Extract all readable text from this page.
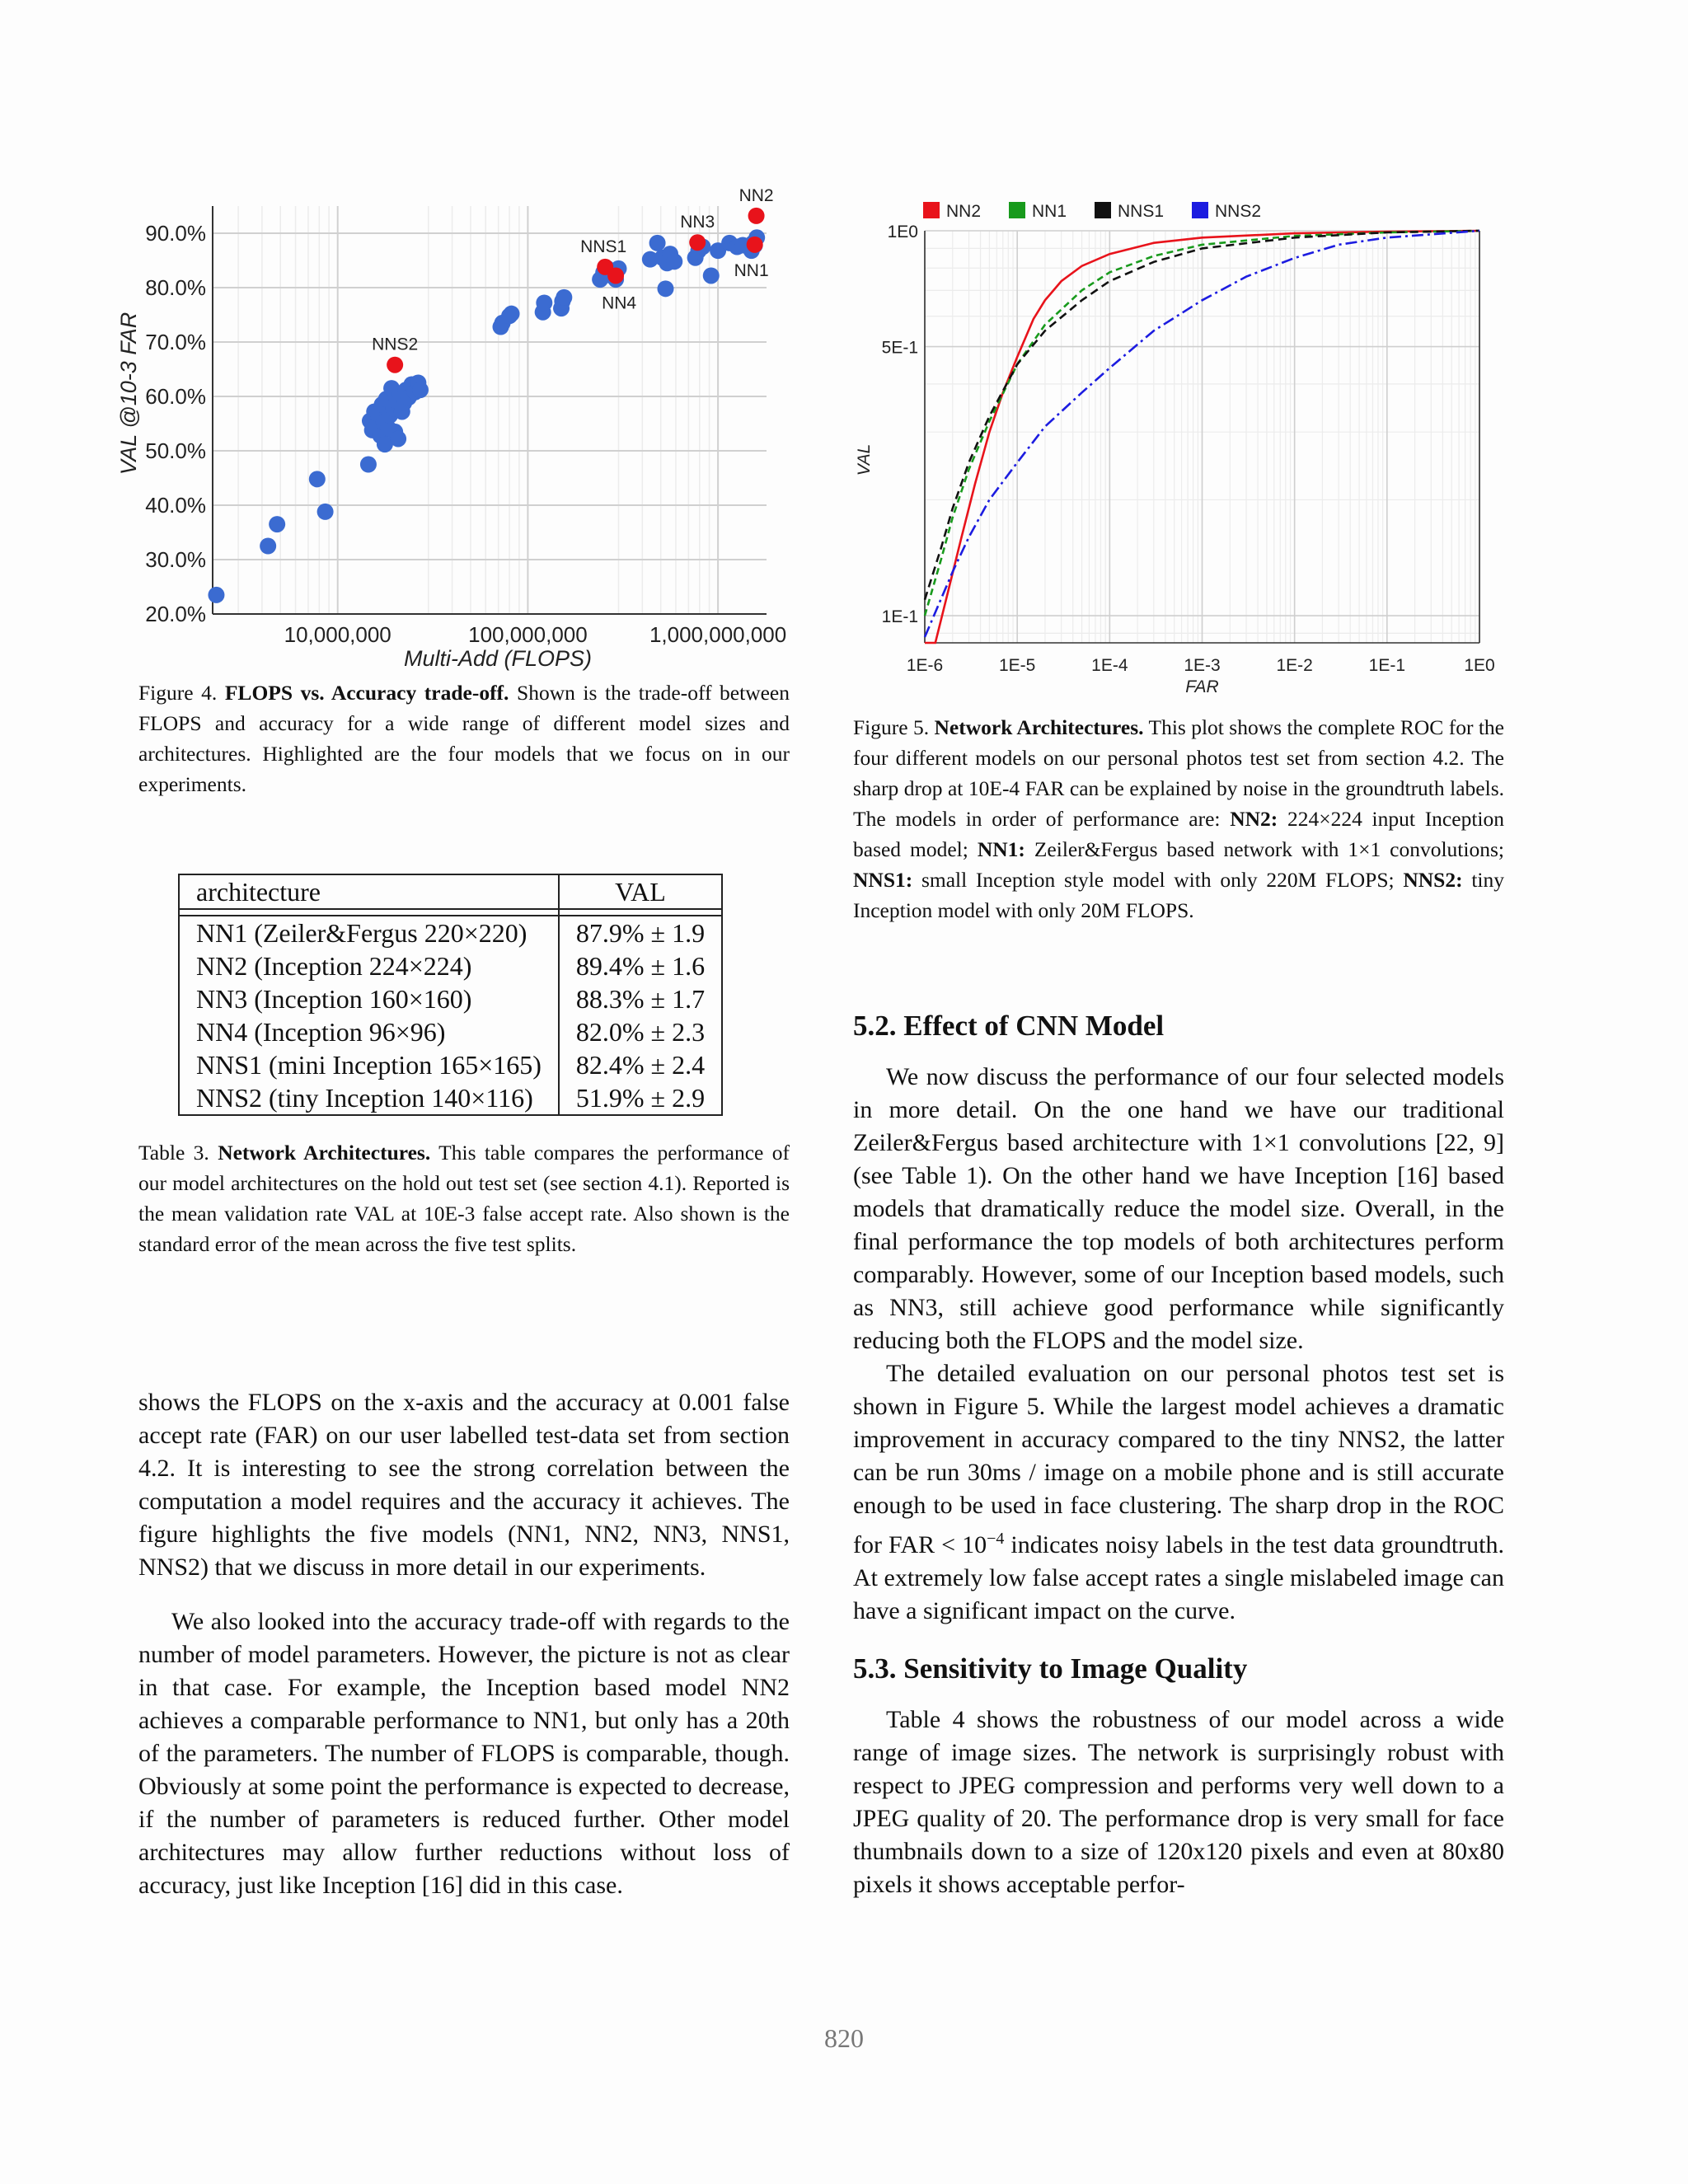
10,000,000	100,000,000	1,000,000,000
20.0%
30.0%
40.0%
50.0%
60.0%
70.0%
80.0%
90.0%
Multi-Add (FLOPS)
VAL @10-3 FAR	NNS2
NNS1
NN4
NN3
NN1
NN2

Figure 4. FLOPS vs. Accuracy trade-off. Shown is the trade-off between FLOPS and accuracy for a wide range of different model sizes and architectures. Highlighted are the four models that we focus on in our experiments.

NN2	NN1	NNS1	NNS2
1E-6	1E-5	1E-4	1E-3	1E-2	1E-1	1E0
1E-1
5E-1
1E0
FAR
VAL

Figure 5. Network Architectures. This plot shows the complete ROC for the four different models on our personal photos test set from section 4.2. The sharp drop at 10E-4 FAR can be explained by noise in the groundtruth labels. The models in order of performance are: NN2: 224×224 input Inception based model; NN1: Zeiler&Fergus based network with 1×1 convolutions; NNS1: small Inception style model with only 220M FLOPS; NNS2: tiny Inception model with only 20M FLOPS.

architecture	VAL

NN1 (Zeiler&Fergus 220×220)	87.9% ± 1.9
NN2 (Inception 224×224)	89.4% ± 1.6
NN3 (Inception 160×160)	88.3% ± 1.7
NN4 (Inception 96×96)	82.0% ± 2.3
NNS1 (mini Inception 165×165)	82.4% ± 2.4
NNS2 (tiny Inception 140×116)	51.9% ± 2.9

Table 3. Network Architectures. This table compares the performance of our model architectures on the hold out test set (see section 4.1). Reported is the mean validation rate VAL at 10E-3 false accept rate. Also shown is the standard error of the mean across the five test splits.

shows the FLOPS on the x-axis and the accuracy at 0.001 false accept rate (FAR) on our user labelled test-data set from section 4.2. It is interesting to see the strong correlation between the computation a model requires and the accuracy it achieves. The figure highlights the five models (NN1, NN2, NN3, NNS1, NNS2) that we discuss in more detail in our experiments.

We also looked into the accuracy trade-off with regards to the number of model parameters. However, the picture is not as clear in that case. For example, the Inception based model NN2 achieves a comparable performance to NN1, but only has a 20th of the parameters. The number of FLOPS is comparable, though. Obviously at some point the performance is expected to decrease, if the number of parameters is reduced further. Other model architectures may allow further reductions without loss of accuracy, just like Inception [16] did in this case.

5.2. Effect of CNN Model

We now discuss the performance of our four selected models in more detail. On the one hand we have our traditional Zeiler&Fergus based architecture with 1×1 convolutions [22, 9] (see Table 1). On the other hand we have Inception [16] based models that dramatically reduce the model size. Overall, in the final performance the top models of both architectures perform comparably. However, some of our Inception based models, such as NN3, still achieve good performance while significantly reducing both the FLOPS and the model size.

The detailed evaluation on our personal photos test set is shown in Figure 5. While the largest model achieves a dramatic improvement in accuracy compared to the tiny NNS2, the latter can be run 30ms / image on a mobile phone and is still accurate enough to be used in face clustering. The sharp drop in the ROC for FAR < $10^{-4}$ indicates noisy labels in the test data groundtruth. At extremely low false accept rates a single mislabeled image can have a significant impact on the curve.

5.3. Sensitivity to Image Quality

Table 4 shows the robustness of our model across a wide range of image sizes. The network is surprisingly robust with respect to JPEG compression and performs very well down to a JPEG quality of 20. The performance drop is very small for face thumbnails down to a size of 120x120 pixels and even at 80x80 pixels it shows acceptable perfor-

820
